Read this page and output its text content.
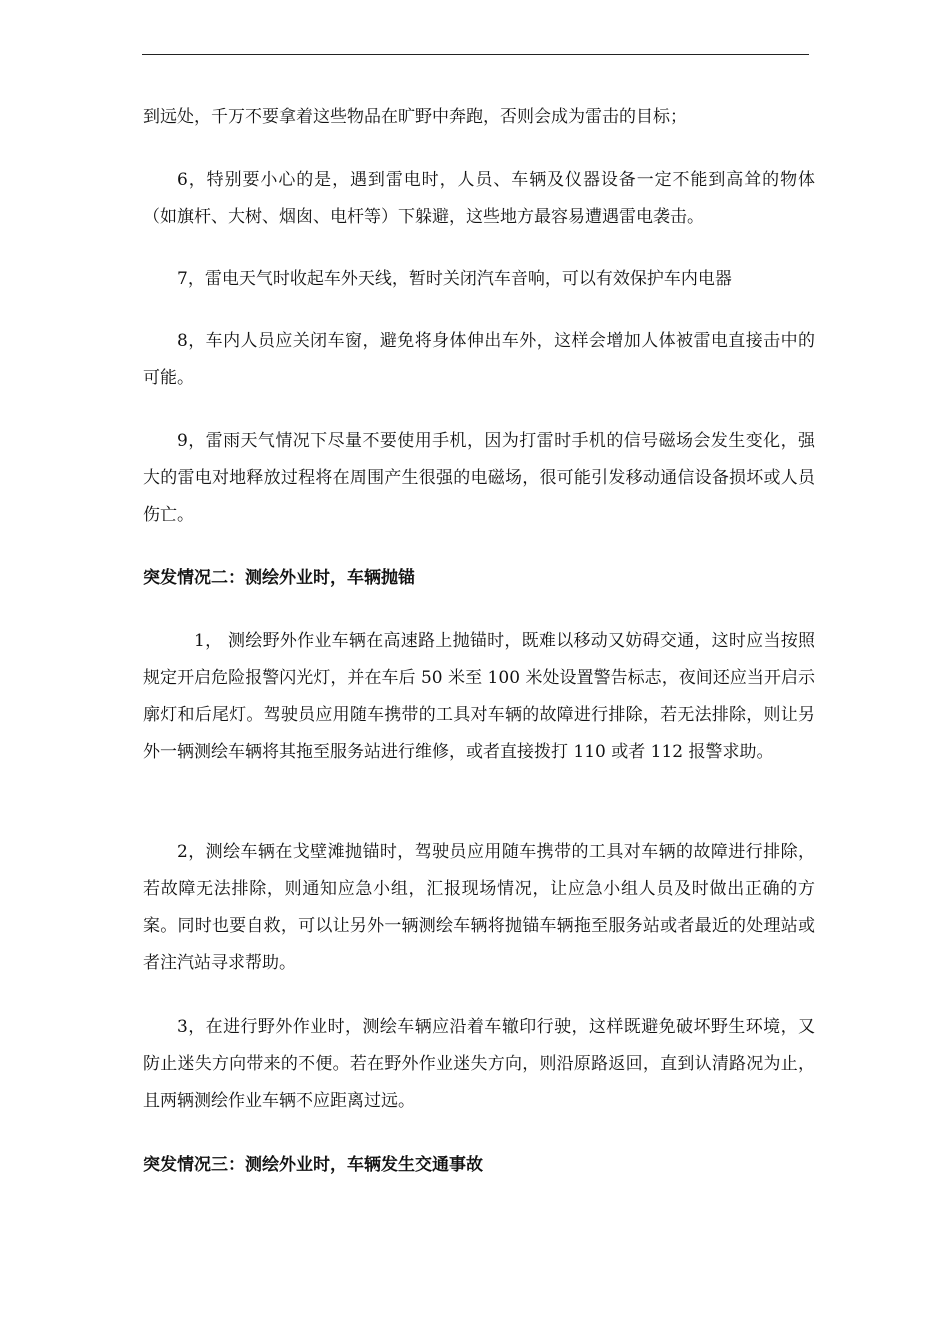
到远处，千万不要拿着这些物品在旷野中奔跑，否则会成为雷击的目标；
6，特别要小心的是，遇到雷电时，人员、车辆及仪器设备一定不能到高耸的物体（如旗杆、大树、烟囱、电杆等）下躲避，这些地方最容易遭遇雷电袭击。
7，雷电天气时收起车外天线，暂时关闭汽车音响，可以有效保护车内电器
8，车内人员应关闭车窗，避免将身体伸出车外，这样会增加人体被雷电直接击中的可能。
9，雷雨天气情况下尽量不要使用手机，因为打雷时手机的信号磁场会发生变化，强大的雷电对地释放过程将在周围产生很强的电磁场，很可能引发移动通信设备损坏或人员伤亡。
突发情况二：测绘外业时，车辆抛锚
1， 测绘野外作业车辆在高速路上抛锚时，既难以移动又妨碍交通，这时应当按照规定开启危险报警闪光灯，并在车后 50 米至 100 米处设置警告标志，夜间还应当开启示廓灯和后尾灯。驾驶员应用随车携带的工具对车辆的故障进行排除，若无法排除，则让另外一辆测绘车辆将其拖至服务站进行维修，或者直接拨打 110 或者 112 报警求助。
2，测绘车辆在戈壁滩抛锚时，驾驶员应用随车携带的工具对车辆的故障进行排除，若故障无法排除，则通知应急小组，汇报现场情况，让应急小组人员及时做出正确的方案。同时也要自救，可以让另外一辆测绘车辆将抛锚车辆拖至服务站或者最近的处理站或者注汽站寻求帮助。
3，在进行野外作业时，测绘车辆应沿着车辙印行驶，这样既避免破坏野生环境，又防止迷失方向带来的不便。若在野外作业迷失方向，则沿原路返回，直到认清路况为止，且两辆测绘作业车辆不应距离过远。
突发情况三：测绘外业时，车辆发生交通事故
